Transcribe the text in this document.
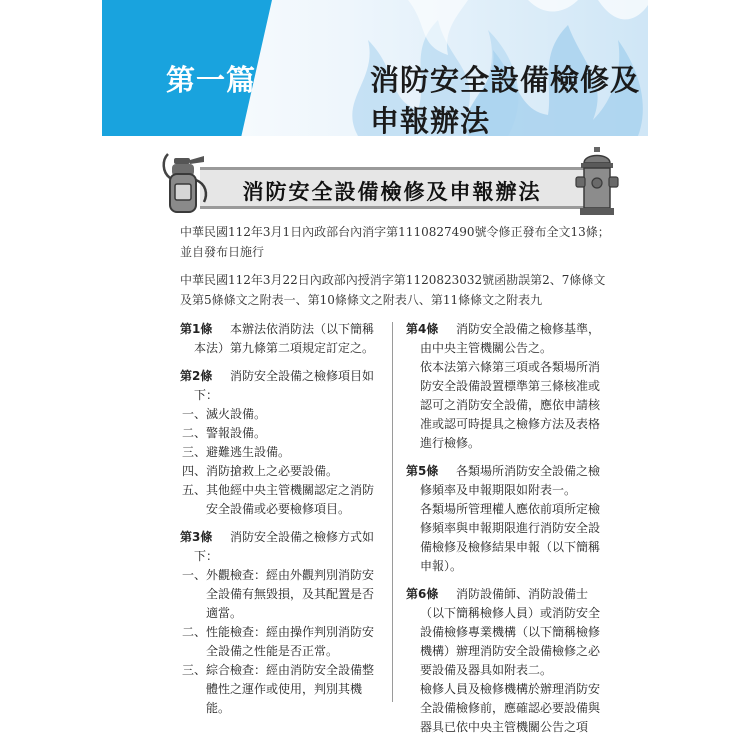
第一篇	消防安全設備檢修及申報辦法
消防安全設備檢修及申報辦法
中華民國112年3月1日內政部台內消字第1110827490號令修正發布全文13條；並自發布日施行
中華民國112年3月22日內政部內授消字第1120823032號函勘誤第2、7條條文及第5條條文之附表一、第10條條文之附表八、第11條條文之附表九
第1條	本辦法依消防法（以下簡稱
本法）第九條第二項規定訂定之。
第2條	消防安全設備之檢修項目如
下：
一、 滅火設備。
二、 警報設備。
三、 避難逃生設備。
四、 消防搶救上之必要設備。
五、 其他經中央主管機關認定之消防安全設備或必要檢修項目。
第3條	消防安全設備之檢修方式如
下：
一、 外觀檢查：經由外觀判別消防安全設備有無毀損，及其配置是否適當。
二、 性能檢查：經由操作判別消防安全設備之性能是否正常。
三、 綜合檢查：經由消防安全設備整體性之運作或使用，判別其機能。
第4條	消防安全設備之檢修基準，
由中央主管機關公告之。
依本法第六條第三項或各類場所消防安全設備設置標準第三條核准或認可之消防安全設備，應依申請核准或認可時提具之檢修方法及表格進行檢修。
第5條	各類場所消防安全設備之檢
修頻率及申報期限如附表一。
各類場所管理權人應依前項所定檢修頻率與申報期限進行消防安全設備檢修及檢修結果申報（以下簡稱申報）。
第6條	消防設備師、消防設備士
（以下簡稱檢修人員）或消防安全設備檢修專業機構（以下簡稱檢修機構）辦理消防安全設備檢修之必要設備及器具如附表二。
檢修人員及檢修機構於辦理消防安全設備檢修前，應確認必要設備與器具已依中央主管機關公告之項
